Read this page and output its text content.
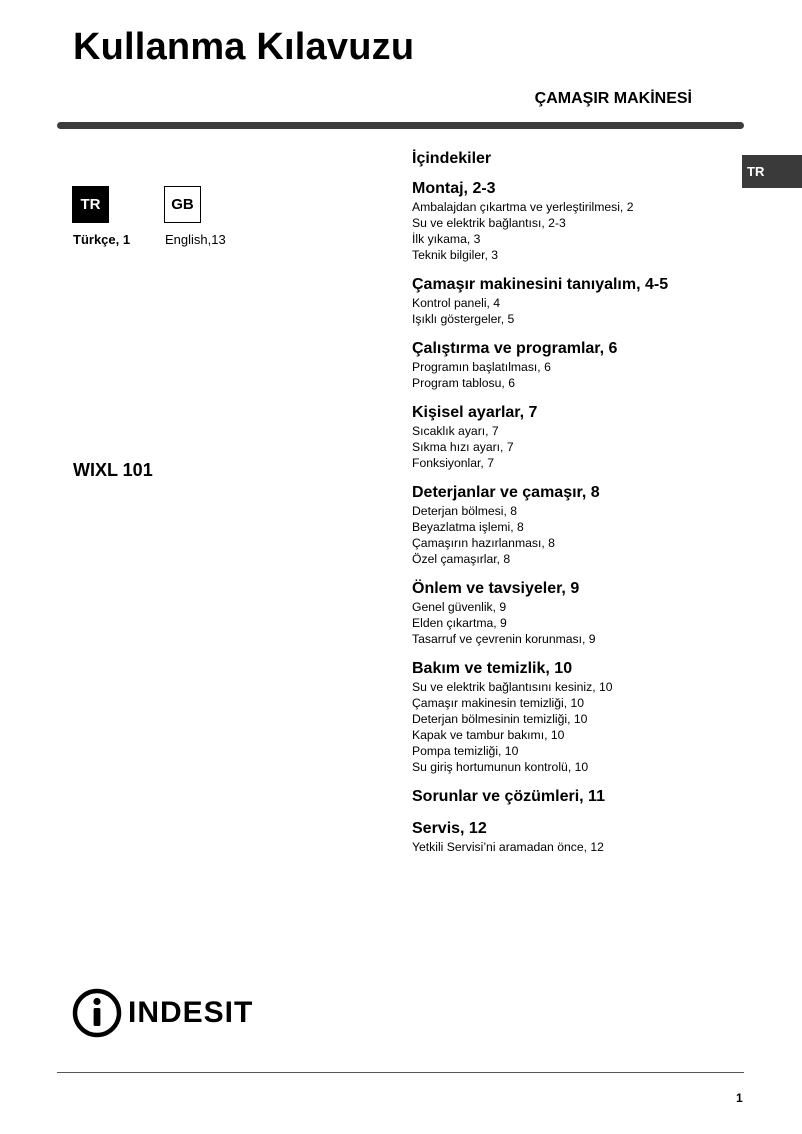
Kullanma Kılavuzu
ÇAMAŞIR MAKİNESİ
TR
TR	GB
Türkçe, 1	English,13
WIXL 101
İçindekiler
Montaj, 2-3
Ambalajdan çıkartma ve yerleştirilmesi, 2
Su ve elektrik bağlantısı, 2-3
İlk yıkama, 3
Teknik bilgiler, 3
Çamaşır makinesini tanıyalım, 4-5
Kontrol paneli, 4
Işıklı göstergeler, 5
Çalıştırma ve programlar, 6
Programın başlatılması, 6
Program tablosu, 6
Kişisel ayarlar, 7
Sıcaklık ayarı, 7
Sıkma hızı ayarı, 7
Fonksiyonlar, 7
Deterjanlar ve çamaşır, 8
Deterjan bölmesi, 8
Beyazlatma işlemi, 8
Çamaşırın hazırlanması, 8
Özel çamaşırlar, 8
Önlem ve tavsiyeler, 9
Genel güvenlik, 9
Elden çıkartma, 9
Tasarruf ve çevrenin korunması, 9
Bakım ve temizlik, 10
Su ve elektrik bağlantısını kesiniz, 10
Çamaşır makinesin temizliği, 10
Deterjan bölmesinin temizliği, 10
Kapak ve tambur bakımı, 10
Pompa temizliği, 10
Su giriş hortumunun kontrolü, 10
Sorunlar ve çözümleri, 11
Servis, 12
Yetkili Servisi’ni aramadan önce, 12
INDESIT
1
